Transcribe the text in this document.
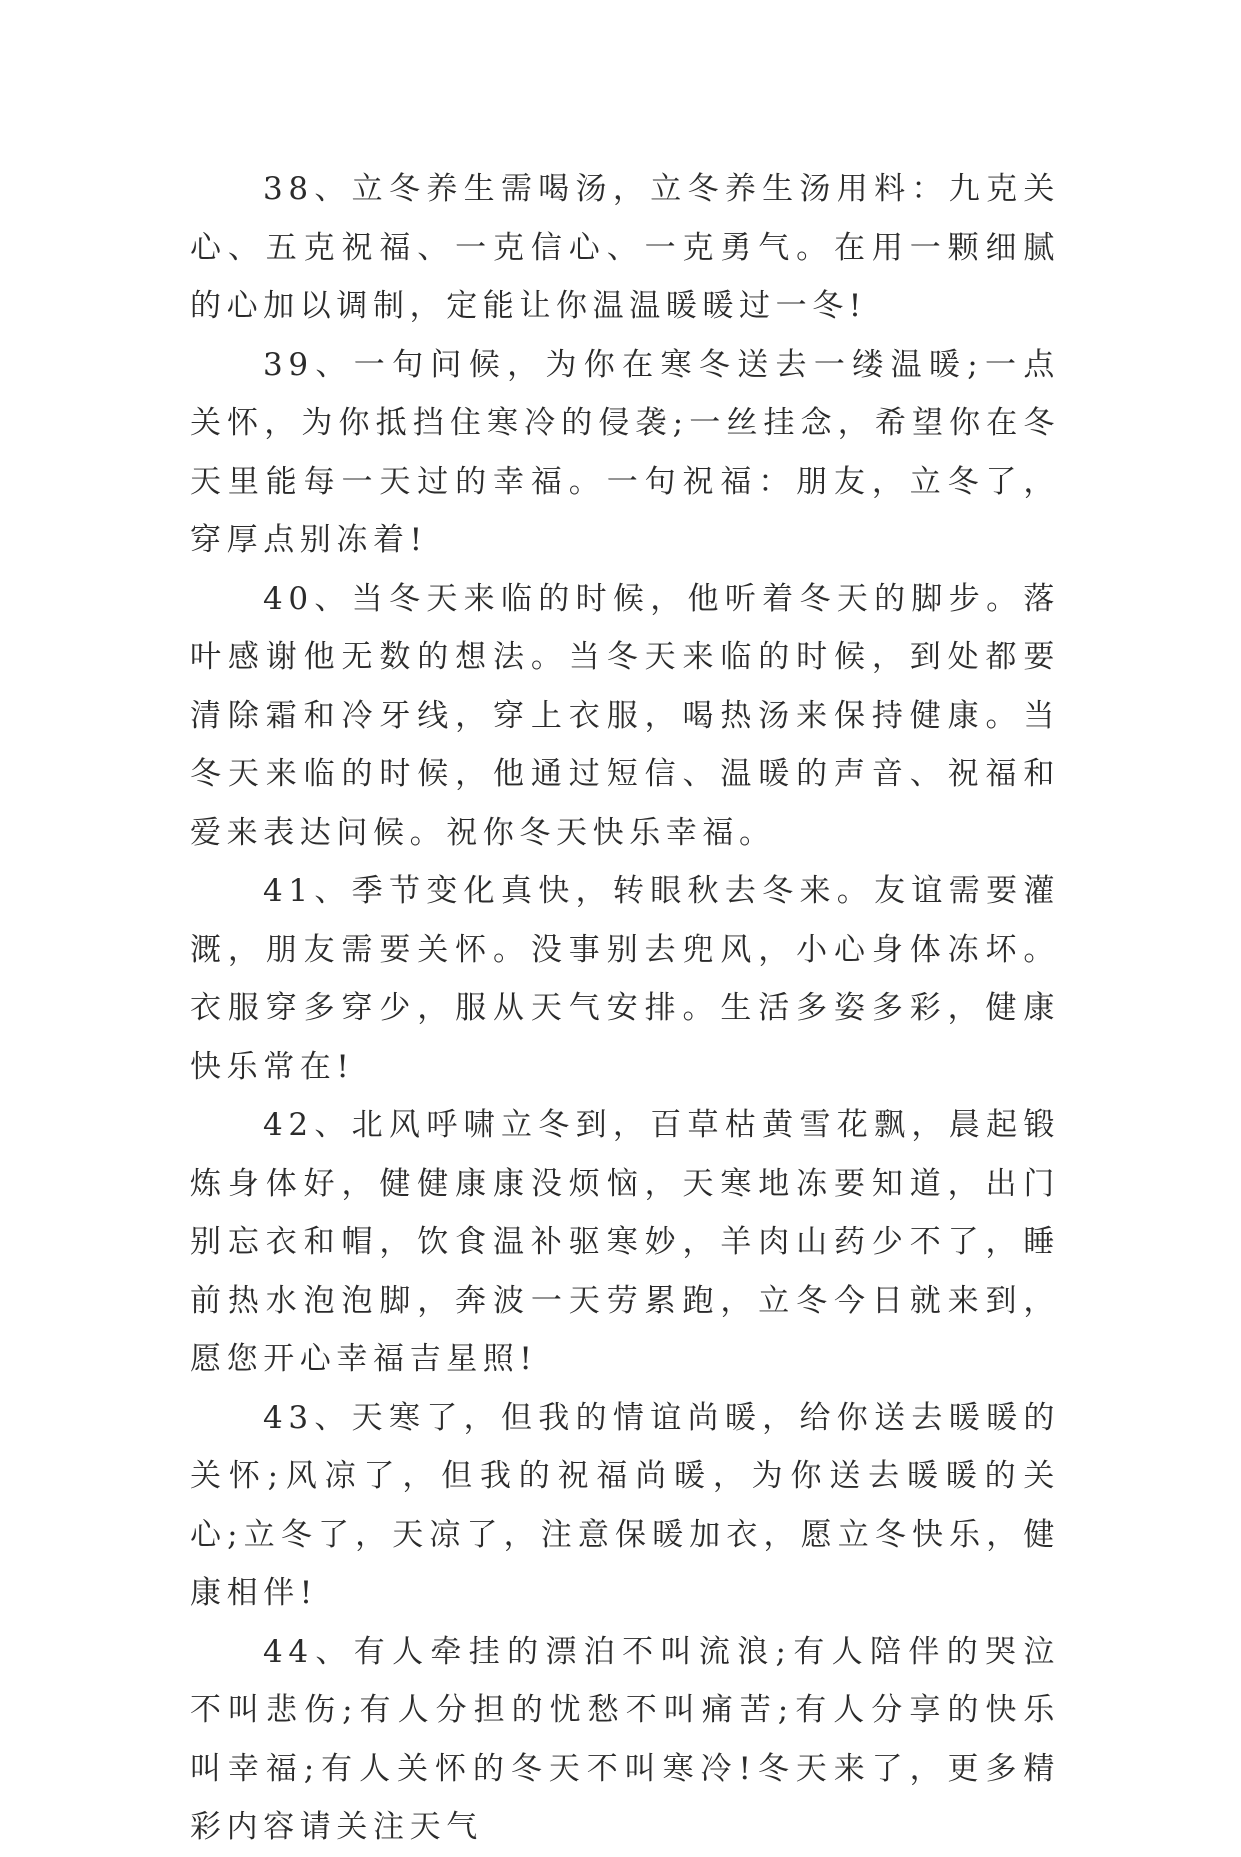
38、立冬养生需喝汤，立冬养生汤用料：九克关心、五克祝福、一克信心、一克勇气。在用一颗细腻的心加以调制，定能让你温温暖暖过一冬!

39、一句问候，为你在寒冬送去一缕温暖;一点关怀，为你抵挡住寒冷的侵袭;一丝挂念，希望你在冬天里能每一天过的幸福。一句祝福：朋友，立冬了，穿厚点别冻着!

40、当冬天来临的时候，他听着冬天的脚步。落叶感谢他无数的想法。当冬天来临的时候，到处都要清除霜和冷牙线，穿上衣服，喝热汤来保持健康。当冬天来临的时候，他通过短信、温暖的声音、祝福和爱来表达问候。祝你冬天快乐幸福。

41、季节变化真快，转眼秋去冬来。友谊需要灌溉，朋友需要关怀。没事别去兜风，小心身体冻坏。衣服穿多穿少，服从天气安排。生活多姿多彩，健康快乐常在!

42、北风呼啸立冬到，百草枯黄雪花飘，晨起锻炼身体好，健健康康没烦恼，天寒地冻要知道，出门别忘衣和帽，饮食温补驱寒妙，羊肉山药少不了，睡前热水泡泡脚，奔波一天劳累跑，立冬今日就来到，愿您开心幸福吉星照!

43、天寒了，但我的情谊尚暖，给你送去暖暖的关怀;风凉了，但我的祝福尚暖，为你送去暖暖的关心;立冬了，天凉了，注意保暖加衣，愿立冬快乐，健康相伴!

44、有人牵挂的漂泊不叫流浪;有人陪伴的哭泣不叫悲伤;有人分担的忧愁不叫痛苦;有人分享的快乐叫幸福;有人关怀的冬天不叫寒冷!冬天来了，更多精彩内容请关注天气
